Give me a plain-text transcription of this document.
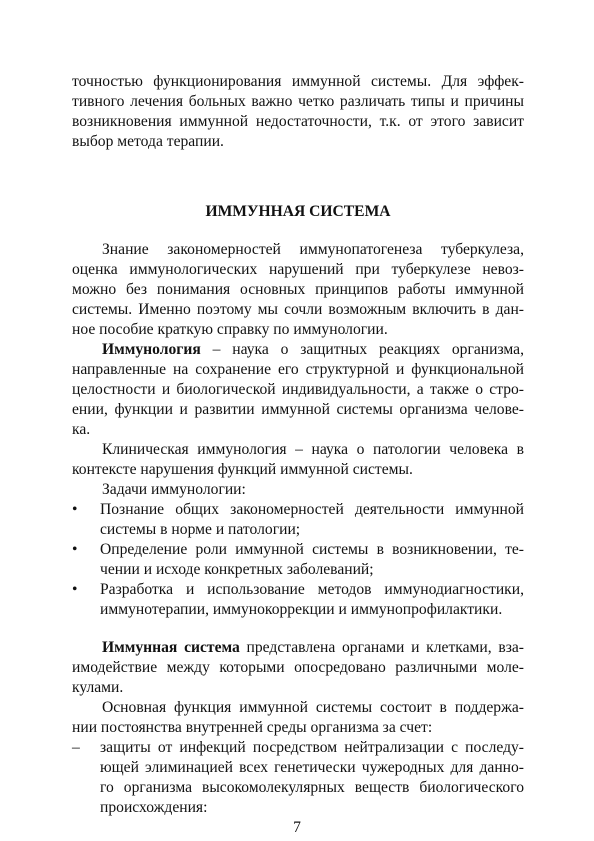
точностью функционирования иммунной системы. Для эффек-
тивного лечения больных важно четко различать типы и причины
возникновения иммунной недостаточности, т.к. от этого зависит
выбор метода терапии.
ИММУННАЯ СИСТЕМА
Знание закономерностей иммунопатогенеза туберкулеза,
оценка иммунологических нарушений при туберкулезе невоз-
можно без понимания основных принципов работы иммунной
системы. Именно поэтому мы сочли возможным включить в дан-
ное пособие краткую справку по иммунологии.
Иммунология – наука о защитных реакциях организма,
направленные на сохранение его структурной и функциональной
целостности и биологической индивидуальности, а также о стро-
ении, функции и развитии иммунной системы организма челове-
ка.
Клиническая иммунология – наука о патологии человека в
контексте нарушения функций иммунной системы.
Задачи иммунологии:
•	Познание общих закономерностей деятельности иммунной
системы в норме и патологии;
•	Определение роли иммунной системы в возникновении, те-
чении и исходе конкретных заболеваний;
•	Разработка и использование методов иммунодиагностики,
иммунотерапии, иммунокоррекции и иммунопрофилактики.
Иммунная система представлена органами и клетками, вза-
имодействие между которыми опосредовано различными моле-
кулами.
Основная функция иммунной системы состоит в поддержа-
нии постоянства внутренней среды организма за счет:
–	защиты от инфекций посредством нейтрализации с последу-
ющей элиминацией всех генетически чужеродных для данно-
го организма высокомолекулярных веществ биологического
происхождения:
7
